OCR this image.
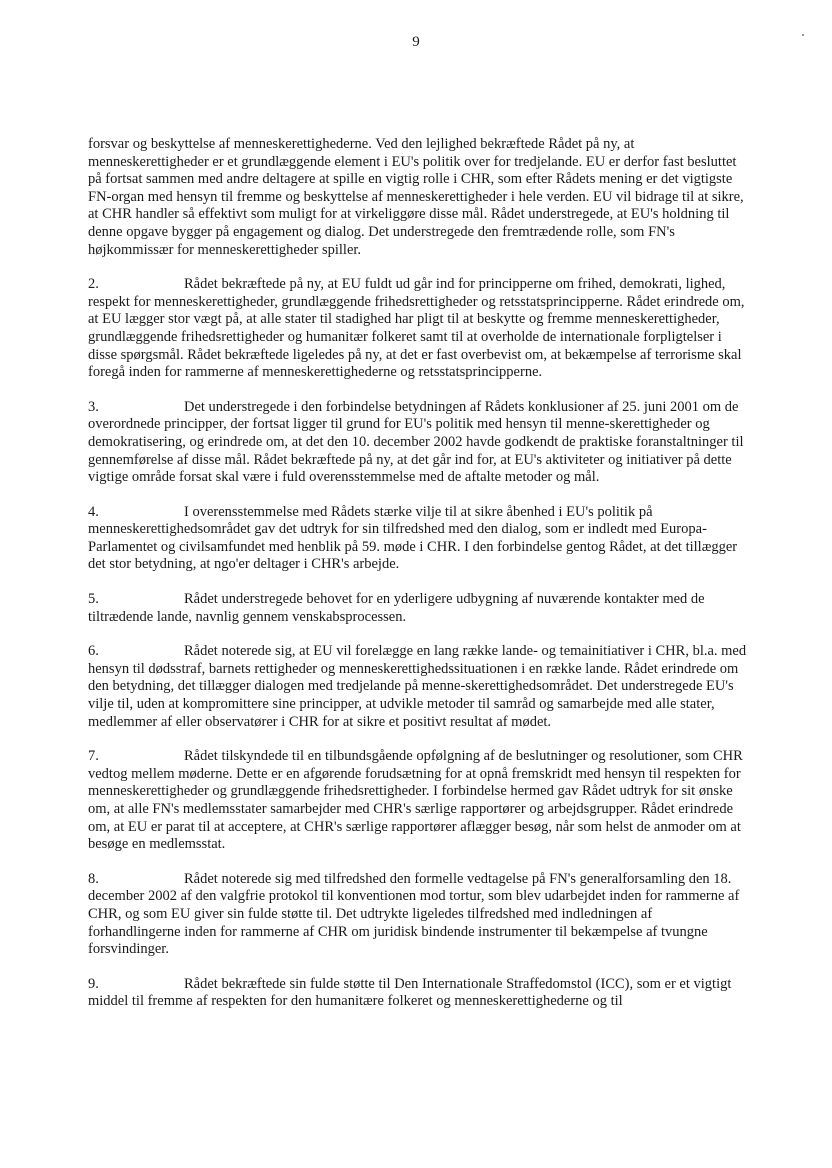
9

forsvar og beskyttelse af menneskerettighederne. Ved den lejlighed bekræftede Rådet på ny, at menneskerettigheder er et grundlæggende element i EU's politik over for tredjelande. EU er derfor fast besluttet på fortsat sammen med andre deltagere at spille en vigtig rolle i CHR, som efter Rådets mening er det vigtigste FN-organ med hensyn til fremme og beskyttelse af menneskerettigheder i hele verden. EU vil bidrage til at sikre, at CHR handler så effektivt som muligt for at virkeliggøre disse mål. Rådet understregede, at EU's holdning til denne opgave bygger på engagement og dialog. Det understregede den fremtrædende rolle, som FN's højkommissær for menneskerettigheder spiller.

2.	Rådet bekræftede på ny, at EU fuldt ud går ind for principperne om frihed, demokrati, lighed, respekt for menneskerettigheder, grundlæggende frihedsrettigheder og retsstatsprincipperne. Rådet erindrede om, at EU lægger stor vægt på, at alle stater til stadighed har pligt til at beskytte og fremme menneskerettigheder, grundlæggende frihedsrettigheder og humanitær folkeret samt til at overholde de internationale forpligtelser i disse spørgsmål. Rådet bekræftede ligeledes på ny, at det er fast overbevist om, at bekæmpelse af terrorisme skal foregå inden for rammerne af menneskerettighederne og retsstatsprincipperne.

3.	Det understregede i den forbindelse betydningen af Rådets konklusioner af 25. juni 2001 om de overordnede principper, der fortsat ligger til grund for EU's politik med hensyn til menne-skerettigheder og demokratisering, og erindrede om, at det den 10. december 2002 havde godkendt de praktiske foranstaltninger til gennemførelse af disse mål. Rådet bekræftede på ny, at det går ind for, at EU's aktiviteter og initiativer på dette vigtige område forsat skal være i fuld overensstemmelse med de aftalte metoder og mål.

4.	I overensstemmelse med Rådets stærke vilje til at sikre åbenhed i EU's politik på menneskerettighedsområdet gav det udtryk for sin tilfredshed med den dialog, som er indledt med Europa-Parlamentet og civilsamfundet med henblik på 59. møde i CHR. I den forbindelse gentog Rådet, at det tillægger det stor betydning, at ngo'er deltager i CHR's arbejde.

5.	Rådet understregede behovet for en yderligere udbygning af nuværende kontakter med de tiltrædende lande, navnlig gennem venskabsprocessen.

6.	Rådet noterede sig, at EU vil forelægge en lang række lande- og temainitiativer i CHR, bl.a. med hensyn til dødsstraf, barnets rettigheder og menneskerettighedssituationen i en række lande. Rådet erindrede om den betydning, det tillægger dialogen med tredjelande på menne-skerettighedsområdet. Det understregede EU's vilje til, uden at kompromittere sine principper, at udvikle metoder til samråd og samarbejde med alle stater, medlemmer af eller observatører i CHR for at sikre et positivt resultat af mødet.

7.	Rådet tilskyndede til en tilbundsgående opfølgning af de beslutninger og resolutioner, som CHR vedtog mellem møderne. Dette er en afgørende forudsætning for at opnå fremskridt med hensyn til respekten for menneskerettigheder og grundlæggende frihedsrettigheder. I forbindelse hermed gav Rådet udtryk for sit ønske om, at alle FN's medlemsstater samarbejder med CHR's særlige rapportører og arbejdsgrupper. Rådet erindrede om, at EU er parat til at acceptere, at CHR's særlige rapportører aflægger besøg, når som helst de anmoder om at besøge en medlemsstat.

8.	Rådet noterede sig med tilfredshed den formelle vedtagelse på FN's generalforsamling den 18. december 2002 af den valgfrie protokol til konventionen mod tortur, som blev udarbejdet inden for rammerne af CHR, og som EU giver sin fulde støtte til. Det udtrykte ligeledes tilfredshed med indledningen af forhandlingerne inden for rammerne af CHR om juridisk bindende instrumenter til bekæmpelse af tvungne forsvindinger.

9.	Rådet bekræftede sin fulde støtte til Den Internationale Straffedomstol (ICC), som er et vigtigt middel til fremme af respekten for den humanitære folkeret og menneskerettighederne og til
